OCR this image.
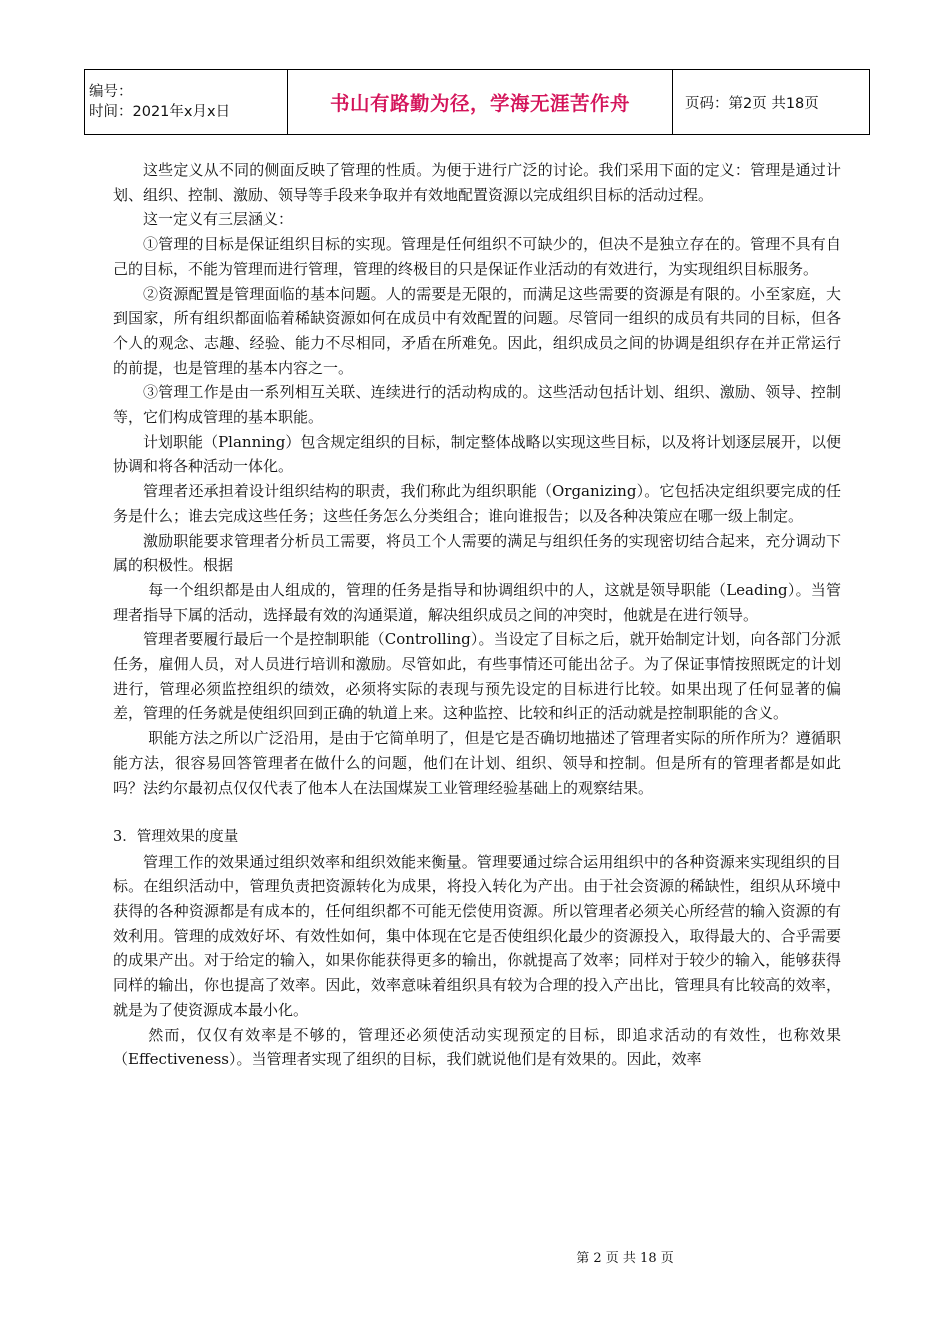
编号：
时间：2021年x月x日	书山有路勤为径，学海无涯苦作舟	页码：第2页 共18页

这些定义从不同的侧面反映了管理的性质。为便于进行广泛的讨论。我们采用下面的定义：管理是通过计划、组织、控制、激励、领导等手段来争取并有效地配置资源以完成组织目标的活动过程。

这一定义有三层涵义：

①管理的目标是保证组织目标的实现。管理是任何组织不可缺少的，但决不是独立存在的。管理不具有自己的目标，不能为管理而进行管理，管理的终极目的只是保证作业活动的有效进行，为实现组织目标服务。

②资源配置是管理面临的基本问题。人的需要是无限的，而满足这些需要的资源是有限的。小至家庭，大到国家，所有组织都面临着稀缺资源如何在成员中有效配置的问题。尽管同一组织的成员有共同的目标，但各个人的观念、志趣、经验、能力不尽相同，矛盾在所难免。因此，组织成员之间的协调是组织存在并正常运行的前提，也是管理的基本内容之一。

③管理工作是由一系列相互关联、连续进行的活动构成的。这些活动包括计划、组织、激励、领导、控制等，它们构成管理的基本职能。

计划职能（Planning）包含规定组织的目标，制定整体战略以实现这些目标，以及将计划逐层展开，以便协调和将各种活动一体化。

管理者还承担着设计组织结构的职责，我们称此为组织职能（Organizing）。它包括决定组织要完成的任务是什么；谁去完成这些任务；这些任务怎么分类组合；谁向谁报告；以及各种决策应在哪一级上制定。

激励职能要求管理者分析员工需要，将员工个人需要的满足与组织任务的实现密切结合起来，充分调动下属的积极性。根据

每一个组织都是由人组成的，管理的任务是指导和协调组织中的人，这就是领导职能（Leading）。当管理者指导下属的活动，选择最有效的沟通渠道，解决组织成员之间的冲突时，他就是在进行领导。

管理者要履行最后一个是控制职能（Controlling）。当设定了目标之后，就开始制定计划，向各部门分派任务，雇佣人员，对人员进行培训和激励。尽管如此，有些事情还可能出岔子。为了保证事情按照既定的计划进行，管理必须监控组织的绩效，必须将实际的表现与预先设定的目标进行比较。如果出现了任何显著的偏差，管理的任务就是使组织回到正确的轨道上来。这种监控、比较和纠正的活动就是控制职能的含义。

职能方法之所以广泛沿用，是由于它简单明了，但是它是否确切地描述了管理者实际的所作所为？遵循职能方法，很容易回答管理者在做什么的问题，他们在计划、组织、领导和控制。但是所有的管理者都是如此吗？法约尔最初点仅仅代表了他本人在法国煤炭工业管理经验基础上的观察结果。

3．管理效果的度量

管理工作的效果通过组织效率和组织效能来衡量。管理要通过综合运用组织中的各种资源来实现组织的目标。在组织活动中，管理负责把资源转化为成果，将投入转化为产出。由于社会资源的稀缺性，组织从环境中获得的各种资源都是有成本的，任何组织都不可能无偿使用资源。所以管理者必须关心所经营的输入资源的有效利用。管理的成效好坏、有效性如何，集中体现在它是否使组织化最少的资源投入，取得最大的、合乎需要的成果产出。对于给定的输入，如果你能获得更多的输出，你就提高了效率；同样对于较少的输入，能够获得同样的输出，你也提高了效率。因此，效率意味着组织具有较为合理的投入产出比，管理具有比较高的效率，就是为了使资源成本最小化。

然而，仅仅有效率是不够的，管理还必须使活动实现预定的目标，即追求活动的有效性，也称效果（Effectiveness）。当管理者实现了组织的目标，我们就说他们是有效果的。因此，效率

第 2 页 共 18 页
